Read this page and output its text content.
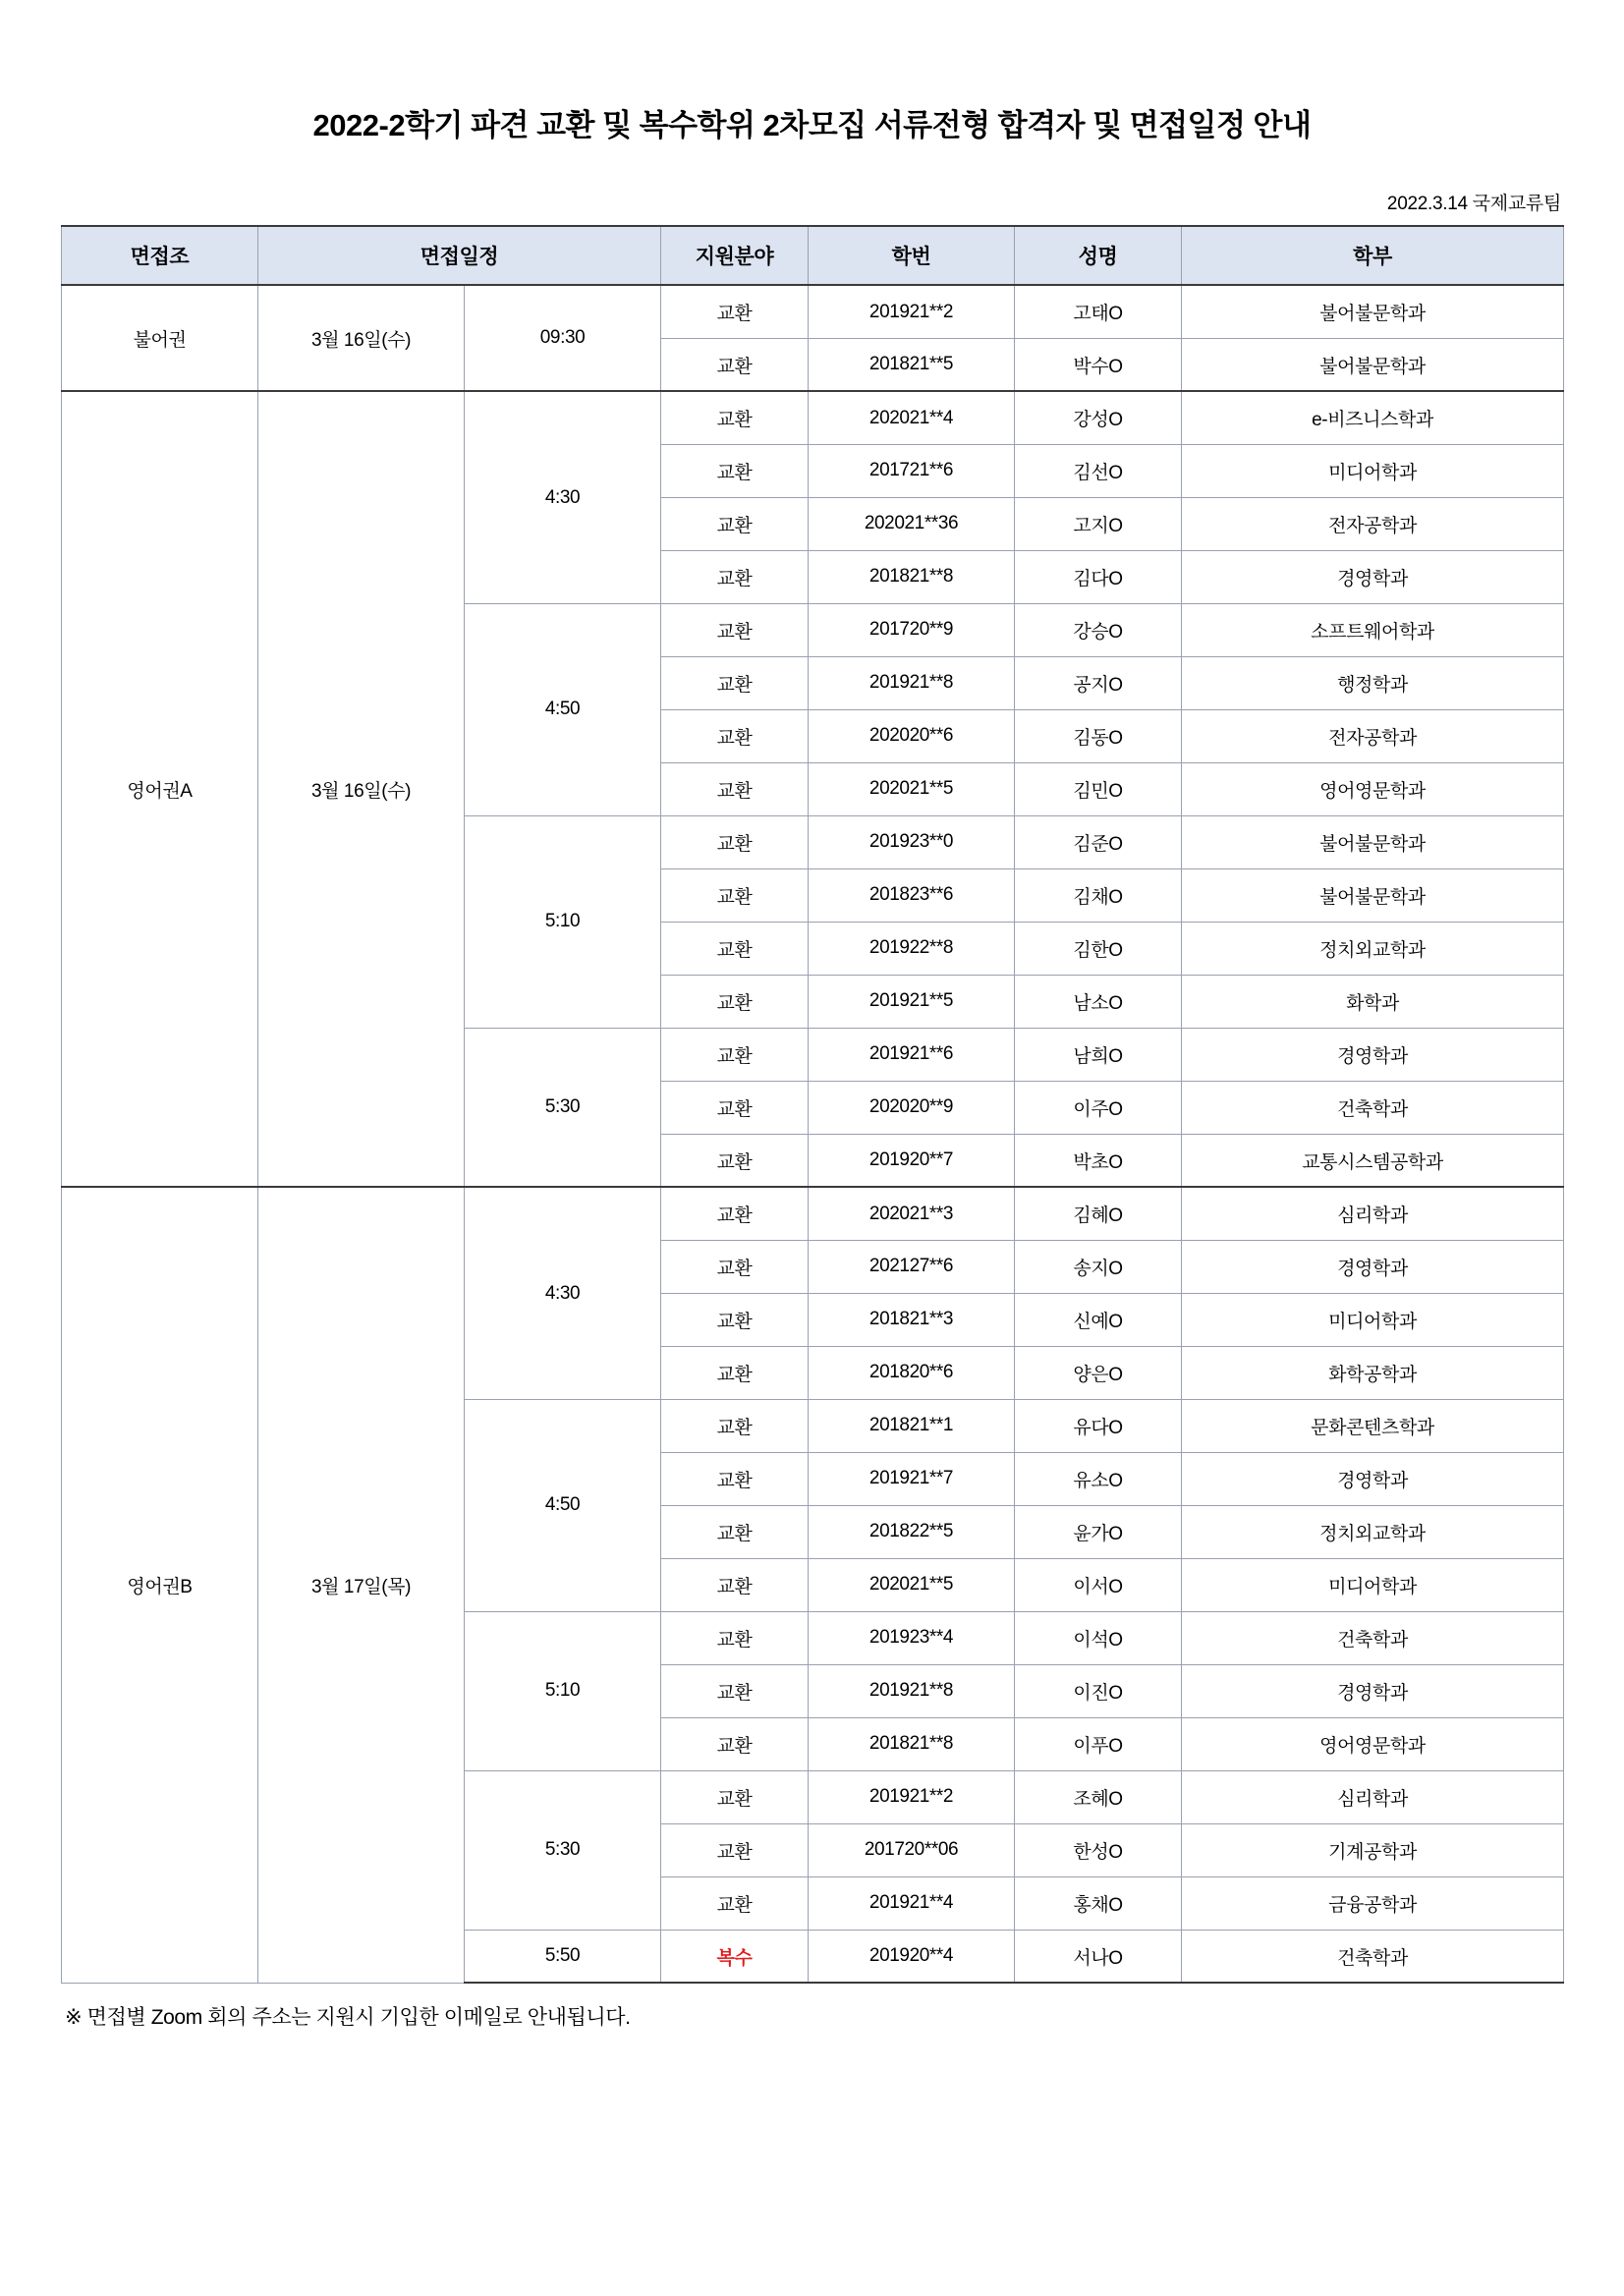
2022-2학기 파견 교환 및 복수학위 2차모집 서류전형 합격자 및 면접일정 안내
2022.3.14 국제교류팀
면접조	면접일정		지원분야	학번	성명	학부
불어권	3월 16일(수)	09:30	교환	201921**2	고태O	불어불문학과
			교환	201821**5	박수O	불어불문학과
영어권A	3월 16일(수)	4:30	교환	202021**4	강성O	e-비즈니스학과
			교환	201721**6	김선O	미디어학과
			교환	202021**36	고지O	전자공학과
			교환	201821**8	김다O	경영학과
		4:50	교환	201720**9	강승O	소프트웨어학과
			교환	201921**8	공지O	행정학과
			교환	202020**6	김동O	전자공학과
			교환	202021**5	김민O	영어영문학과
		5:10	교환	201923**0	김준O	불어불문학과
			교환	201823**6	김채O	불어불문학과
			교환	201922**8	김한O	정치외교학과
			교환	201921**5	남소O	화학과
		5:30	교환	201921**6	남희O	경영학과
			교환	202020**9	이주O	건축학과
			교환	201920**7	박초O	교통시스템공학과
영어권B	3월 17일(목)	4:30	교환	202021**3	김혜O	심리학과
			교환	202127**6	송지O	경영학과
			교환	201821**3	신예O	미디어학과
			교환	201820**6	양은O	화학공학과
		4:50	교환	201821**1	유다O	문화콘텐츠학과
			교환	201921**7	유소O	경영학과
			교환	201822**5	윤가O	정치외교학과
			교환	202021**5	이서O	미디어학과
		5:10	교환	201923**4	이석O	건축학과
			교환	201921**8	이진O	경영학과
			교환	201821**8	이푸O	영어영문학과
		5:30	교환	201921**2	조혜O	심리학과
			교환	201720**06	한성O	기계공학과
			교환	201921**4	홍채O	금융공학과
		5:50	복수	201920**4	서나O	건축학과
※ 면접별 Zoom 회의 주소는 지원시 기입한 이메일로 안내됩니다.
